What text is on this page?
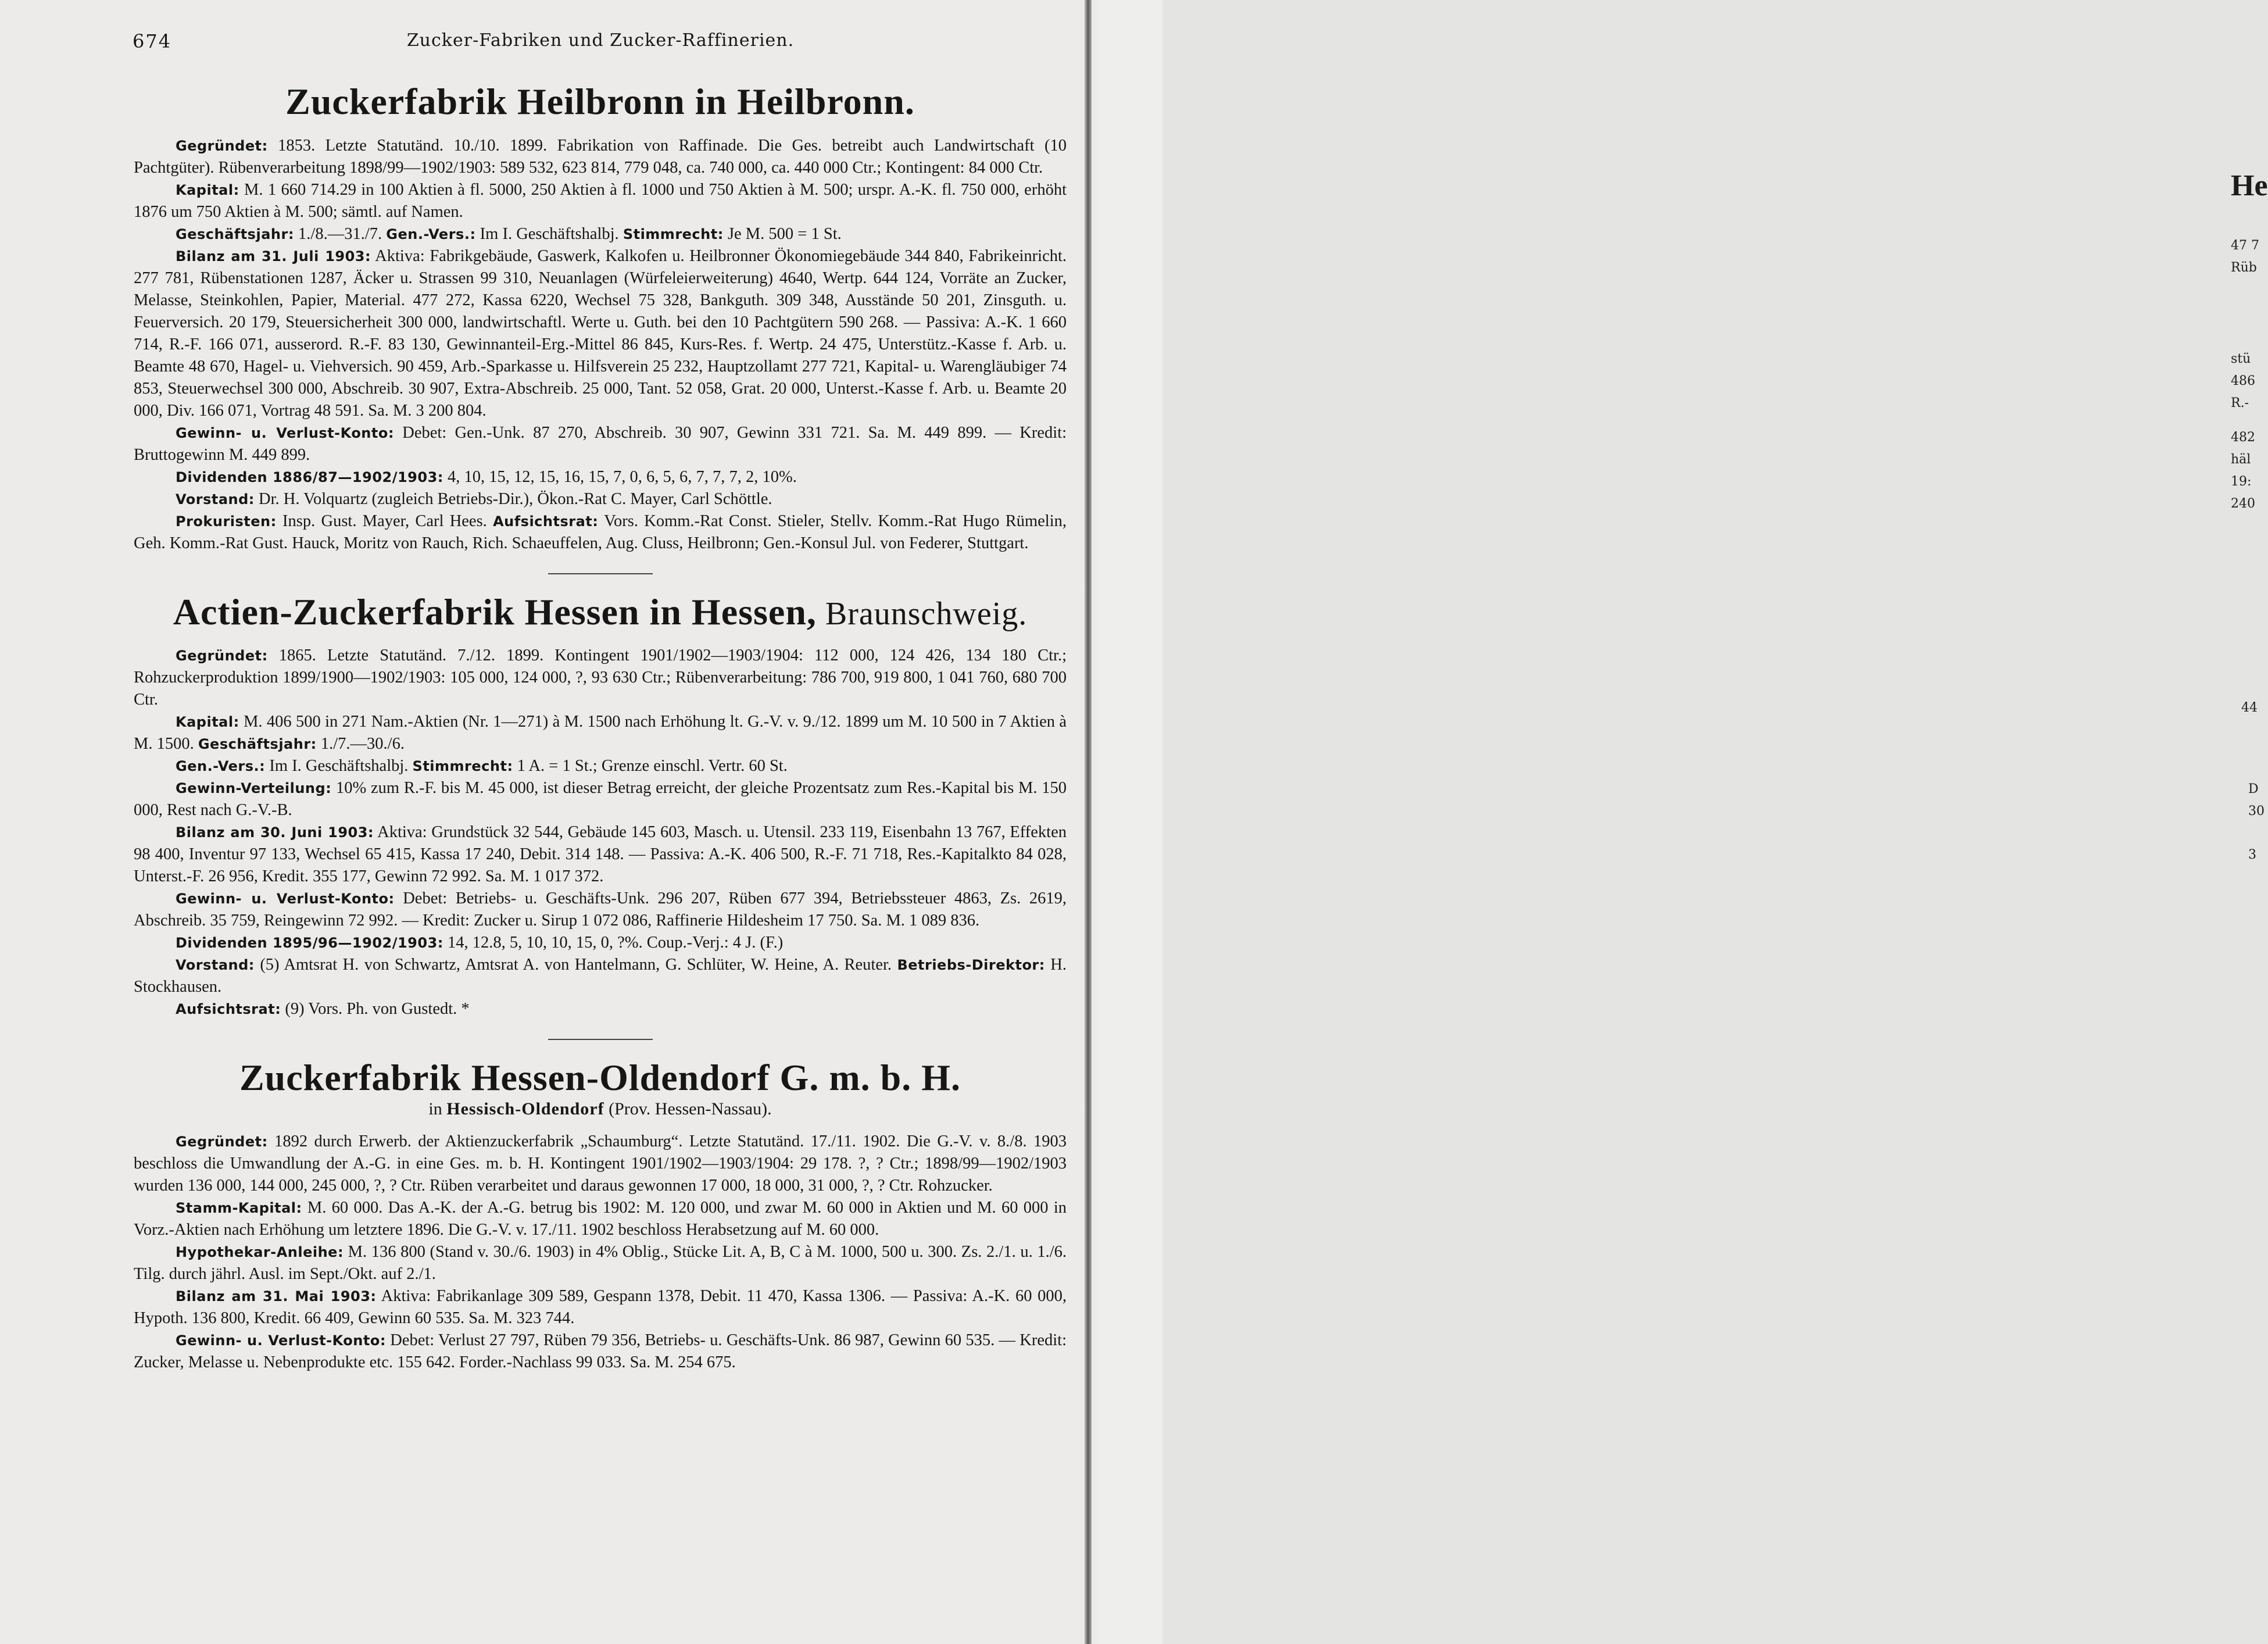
674	Zucker-Fabriken und Zucker-Raffinerien.
Zuckerfabrik Heilbronn in Heilbronn.

Gegründet: 1853. Letzte Statutänd. 10./10. 1899. Fabrikation von Raffinade. Die Ges. betreibt auch Landwirtschaft (10 Pachtgüter). Rübenverarbeitung 1898/99—1902/1903: 589 532, 623 814, 779 048, ca. 740 000, ca. 440 000 Ctr.; Kontingent: 84 000 Ctr.

Kapital: M. 1 660 714.29 in 100 Aktien à fl. 5000, 250 Aktien à fl. 1000 und 750 Aktien à M. 500; urspr. A.-K. fl. 750 000, erhöht 1876 um 750 Aktien à M. 500; sämtl. auf Namen.

Geschäftsjahr: 1./8.—31./7. Gen.-Vers.: Im I. Geschäftshalbj. Stimmrecht: Je M. 500 = 1 St.

Bilanz am 31. Juli 1903: Aktiva: Fabrikgebäude, Gaswerk, Kalkofen u. Heilbronner Ökonomiegebäude 344 840, Fabrikeinricht. 277 781, Rübenstationen 1287, Äcker u. Strassen 99 310, Neuanlagen (Würfeleierweiterung) 4640, Wertp. 644 124, Vorräte an Zucker, Melasse, Steinkohlen, Papier, Material. 477 272, Kassa 6220, Wechsel 75 328, Bankguth. 309 348, Ausstände 50 201, Zinsguth. u. Feuerversich. 20 179, Steuersicherheit 300 000, landwirtschaftl. Werte u. Guth. bei den 10 Pachtgütern 590 268. — Passiva: A.-K. 1 660 714, R.-F. 166 071, ausserord. R.-F. 83 130, Gewinnanteil-Erg.-Mittel 86 845, Kurs-Res. f. Wertp. 24 475, Unterstütz.-Kasse f. Arb. u. Beamte 48 670, Hagel- u. Viehversich. 90 459, Arb.-Sparkasse u. Hilfsverein 25 232, Hauptzollamt 277 721, Kapital- u. Warengläubiger 74 853, Steuerwechsel 300 000, Abschreib. 30 907, Extra-Abschreib. 25 000, Tant. 52 058, Grat. 20 000, Unterst.-Kasse f. Arb. u. Beamte 20 000, Div. 166 071, Vortrag 48 591. Sa. M. 3 200 804.

Gewinn- u. Verlust-Konto: Debet: Gen.-Unk. 87 270, Abschreib. 30 907, Gewinn 331 721. Sa. M. 449 899. — Kredit: Bruttogewinn M. 449 899.

Dividenden 1886/87—1902/1903: 4, 10, 15, 12, 15, 16, 15, 7, 0, 6, 5, 6, 7, 7, 7, 2, 10%.

Vorstand: Dr. H. Volquartz (zugleich Betriebs-Dir.), Ökon.-Rat C. Mayer, Carl Schöttle.

Prokuristen: Insp. Gust. Mayer, Carl Hees. Aufsichtsrat: Vors. Komm.-Rat Const. Stieler, Stellv. Komm.-Rat Hugo Rümelin, Geh. Komm.-Rat Gust. Hauck, Moritz von Rauch, Rich. Schaeuffelen, Aug. Cluss, Heilbronn; Gen.-Konsul Jul. von Federer, Stuttgart.

Actien-Zuckerfabrik Hessen in Hessen, Braunschweig.

Gegründet: 1865. Letzte Statutänd. 7./12. 1899. Kontingent 1901/1902—1903/1904: 112 000, 124 426, 134 180 Ctr.; Rohzuckerproduktion 1899/1900—1902/1903: 105 000, 124 000, ?, 93 630 Ctr.; Rübenverarbeitung: 786 700, 919 800, 1 041 760, 680 700 Ctr.

Kapital: M. 406 500 in 271 Nam.-Aktien (Nr. 1—271) à M. 1500 nach Erhöhung lt. G.-V. v. 9./12. 1899 um M. 10 500 in 7 Aktien à M. 1500. Geschäftsjahr: 1./7.—30./6.

Gen.-Vers.: Im I. Geschäftshalbj. Stimmrecht: 1 A. = 1 St.; Grenze einschl. Vertr. 60 St.

Gewinn-Verteilung: 10% zum R.-F. bis M. 45 000, ist dieser Betrag erreicht, der gleiche Prozentsatz zum Res.-Kapital bis M. 150 000, Rest nach G.-V.-B.

Bilanz am 30. Juni 1903: Aktiva: Grundstück 32 544, Gebäude 145 603, Masch. u. Utensil. 233 119, Eisenbahn 13 767, Effekten 98 400, Inventur 97 133, Wechsel 65 415, Kassa 17 240, Debit. 314 148. — Passiva: A.-K. 406 500, R.-F. 71 718, Res.-Kapitalkto 84 028, Unterst.-F. 26 956, Kredit. 355 177, Gewinn 72 992. Sa. M. 1 017 372.

Gewinn- u. Verlust-Konto: Debet: Betriebs- u. Geschäfts-Unk. 296 207, Rüben 677 394, Betriebssteuer 4863, Zs. 2619, Abschreib. 35 759, Reingewinn 72 992. — Kredit: Zucker u. Sirup 1 072 086, Raffinerie Hildesheim 17 750. Sa. M. 1 089 836.

Dividenden 1895/96—1902/1903: 14, 12.8, 5, 10, 10, 15, 0, ?%. Coup.-Verj.: 4 J. (F.)

Vorstand: (5) Amtsrat H. von Schwartz, Amtsrat A. von Hantelmann, G. Schlüter, W. Heine, A. Reuter. Betriebs-Direktor: H. Stockhausen.

Aufsichtsrat: (9) Vors. Ph. von Gustedt. *

Zuckerfabrik Hessen-Oldendorf G. m. b. H.
in Hessisch-Oldendorf (Prov. Hessen-Nassau).

Gegründet: 1892 durch Erwerb. der Aktienzuckerfabrik „Schaumburg“. Letzte Statutänd. 17./11. 1902. Die G.-V. v. 8./8. 1903 beschloss die Umwandlung der A.-G. in eine Ges. m. b. H. Kontingent 1901/1902—1903/1904: 29 178. ?, ? Ctr.; 1898/99—1902/1903 wurden 136 000, 144 000, 245 000, ?, ? Ctr. Rüben verarbeitet und daraus gewonnen 17 000, 18 000, 31 000, ?, ? Ctr. Rohzucker.

Stamm-Kapital: M. 60 000. Das A.-K. der A.-G. betrug bis 1902: M. 120 000, und zwar M. 60 000 in Aktien und M. 60 000 in Vorz.-Aktien nach Erhöhung um letztere 1896. Die G.-V. v. 17./11. 1902 beschloss Herabsetzung auf M. 60 000.

Hypothekar-Anleihe: M. 136 800 (Stand v. 30./6. 1903) in 4% Oblig., Stücke Lit. A, B, C à M. 1000, 500 u. 300. Zs. 2./1. u. 1./6. Tilg. durch jährl. Ausl. im Sept./Okt. auf 2./1.

Bilanz am 31. Mai 1903: Aktiva: Fabrikanlage 309 589, Gespann 1378, Debit. 11 470, Kassa 1306. — Passiva: A.-K. 60 000, Hypoth. 136 800, Kredit. 66 409, Gewinn 60 535. Sa. M. 323 744.

Gewinn- u. Verlust-Konto: Debet: Verlust 27 797, Rüben 79 356, Betriebs- u. Geschäfts-Unk. 86 987, Gewinn 60 535. — Kredit: Zucker, Melasse u. Nebenprodukte etc. 155 642. Forder.-Nachlass 99 033. Sa. M. 254 675.

He
47 7
Rüb
stü
486
R.-
482
häl
19:
240
44
D
30
3
